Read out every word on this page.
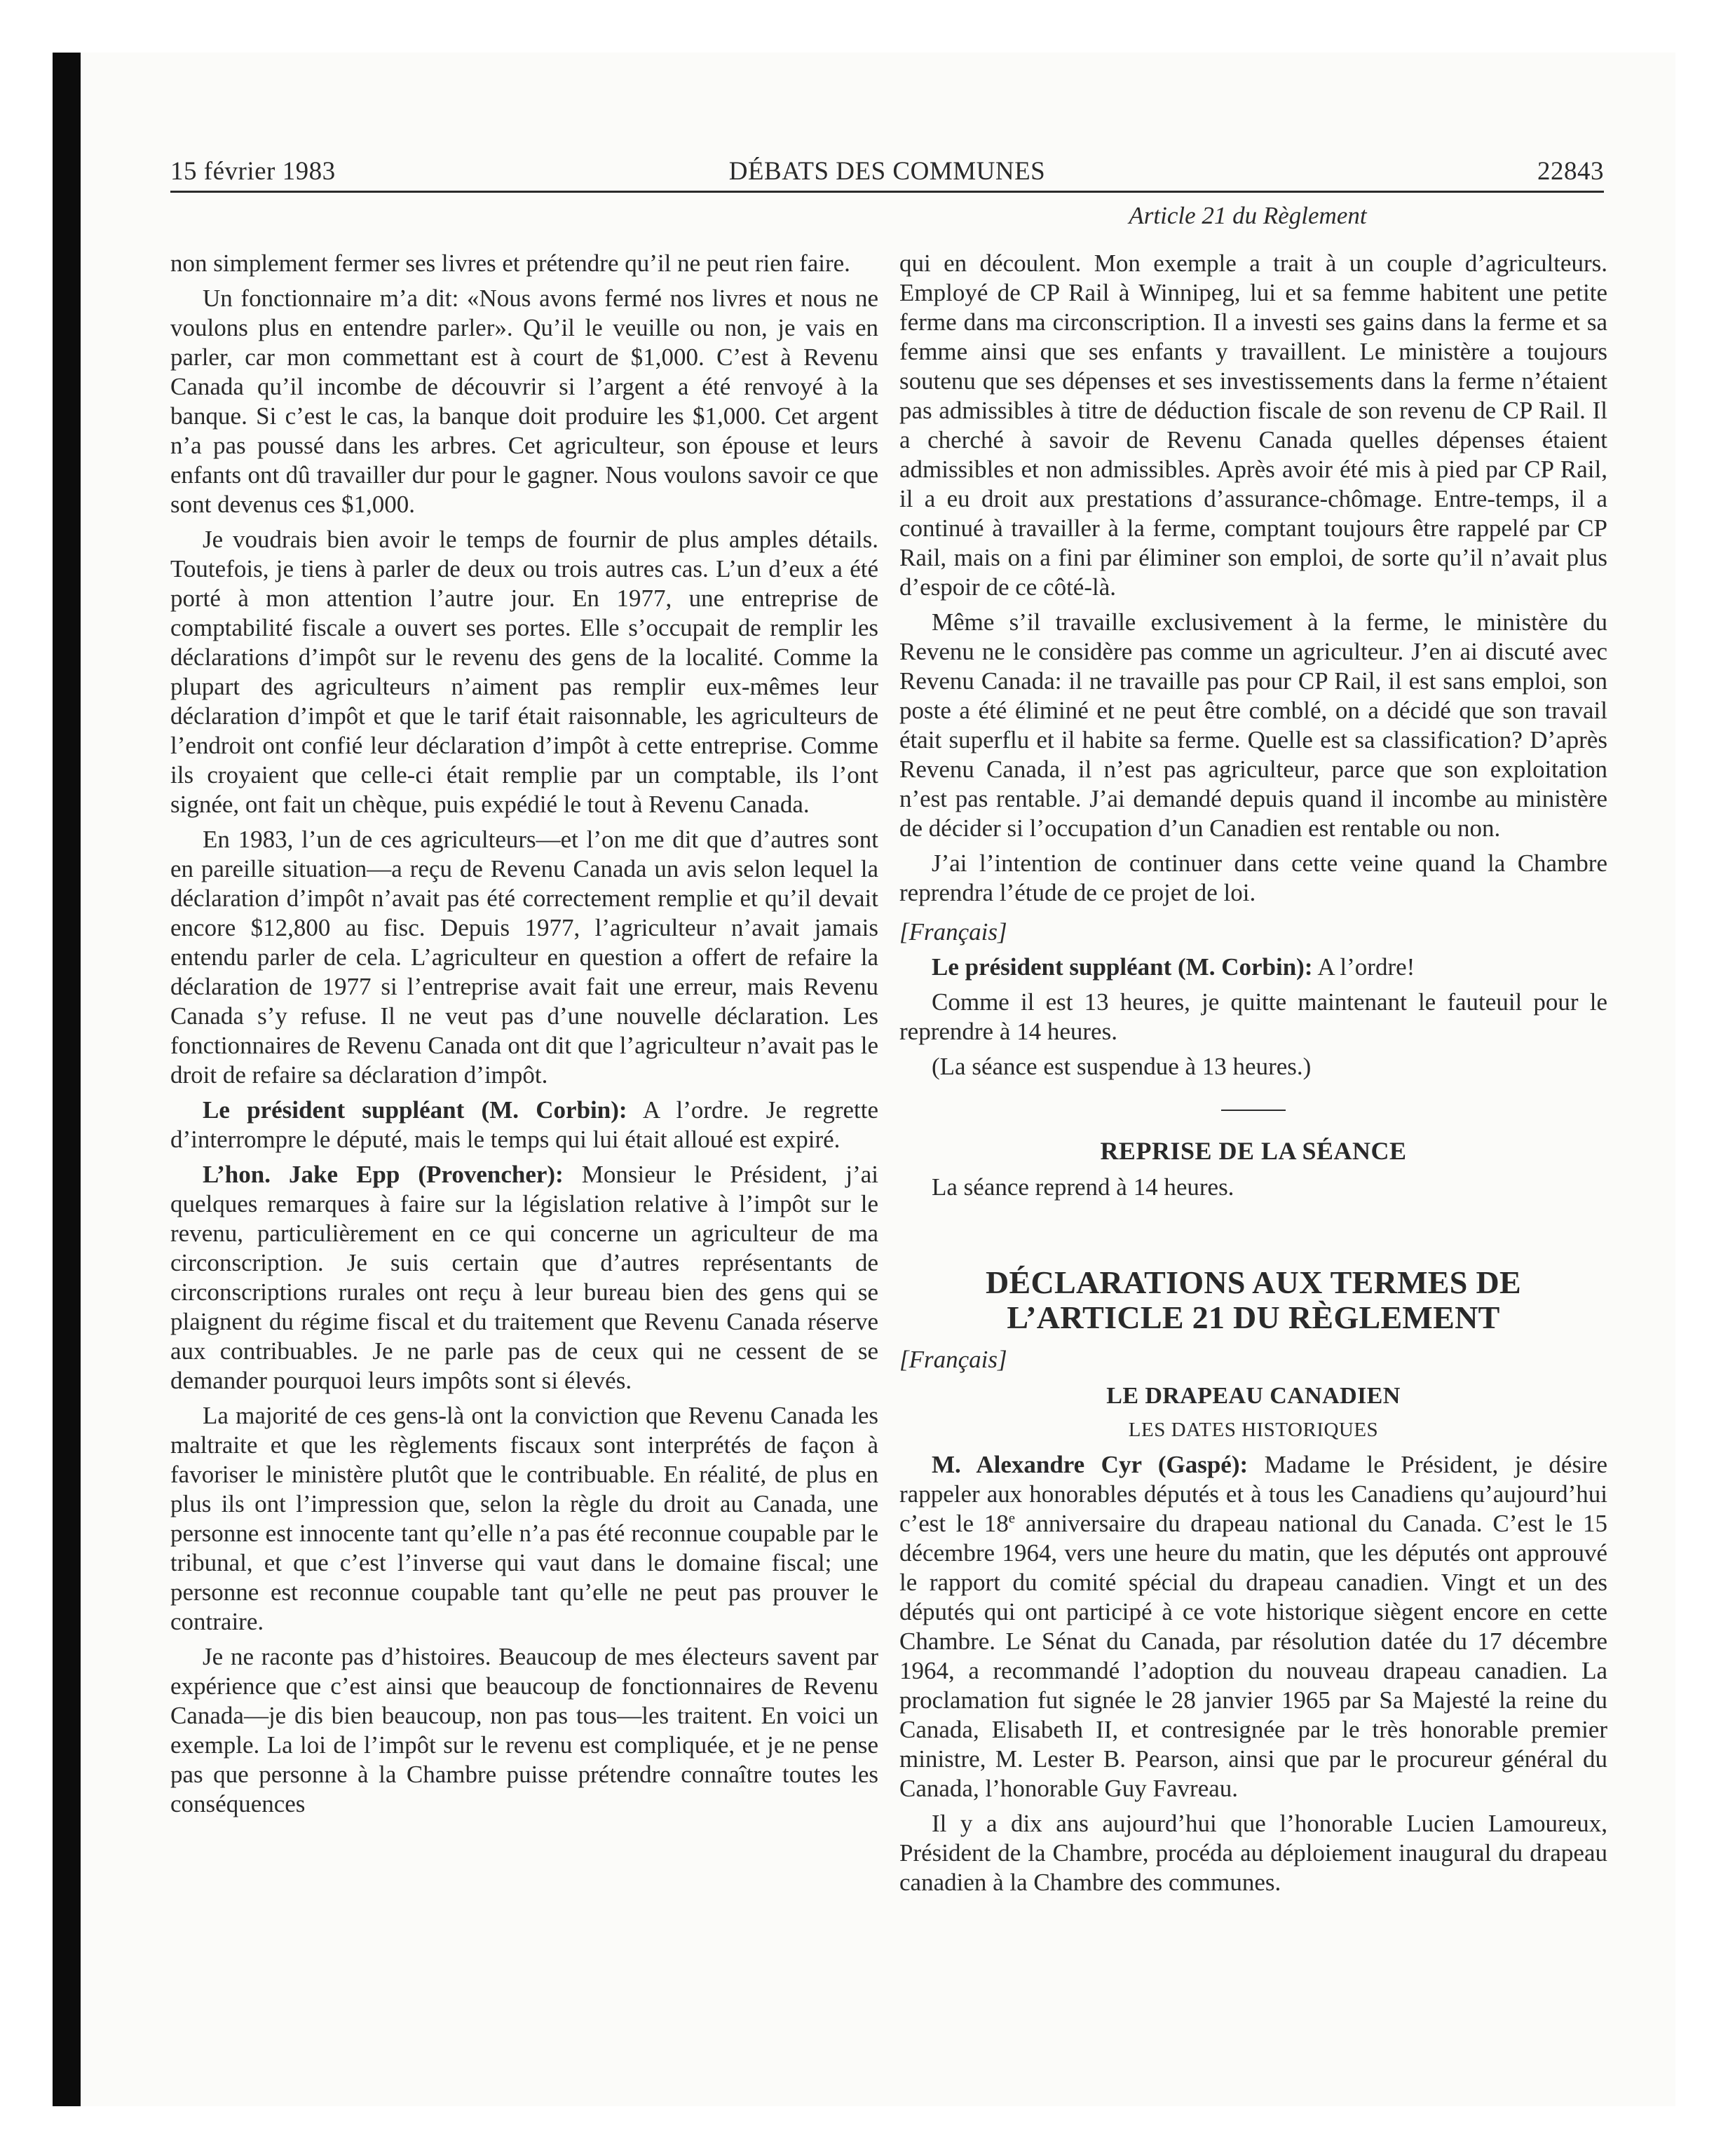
DÉBATS DES COMMUNES
15 février 1983	22843
Article 21 du Règlement

non simplement fermer ses livres et prétendre qu’il ne peut rien faire.

Un fonctionnaire m’a dit: «Nous avons fermé nos livres et nous ne voulons plus en entendre parler». Qu’il le veuille ou non, je vais en parler, car mon commettant est à court de $1,000. C’est à Revenu Canada qu’il incombe de découvrir si l’argent a été renvoyé à la banque. Si c’est le cas, la banque doit produire les $1,000. Cet argent n’a pas poussé dans les arbres. Cet agriculteur, son épouse et leurs enfants ont dû travailler dur pour le gagner. Nous voulons savoir ce que sont devenus ces $1,000.

Je voudrais bien avoir le temps de fournir de plus amples détails. Toutefois, je tiens à parler de deux ou trois autres cas. L’un d’eux a été porté à mon attention l’autre jour. En 1977, une entreprise de comptabilité fiscale a ouvert ses portes. Elle s’occupait de remplir les déclarations d’impôt sur le revenu des gens de la localité. Comme la plupart des agriculteurs n’aiment pas remplir eux-mêmes leur déclaration d’impôt et que le tarif était raisonnable, les agriculteurs de l’endroit ont confié leur déclaration d’impôt à cette entreprise. Comme ils croyaient que celle-ci était remplie par un comptable, ils l’ont signée, ont fait un chèque, puis expédié le tout à Revenu Canada.

En 1983, l’un de ces agriculteurs—et l’on me dit que d’autres sont en pareille situation—a reçu de Revenu Canada un avis selon lequel la déclaration d’impôt n’avait pas été correctement remplie et qu’il devait encore $12,800 au fisc. Depuis 1977, l’agriculteur n’avait jamais entendu parler de cela. L’agriculteur en question a offert de refaire la déclaration de 1977 si l’entreprise avait fait une erreur, mais Revenu Canada s’y refuse. Il ne veut pas d’une nouvelle déclaration. Les fonctionnaires de Revenu Canada ont dit que l’agriculteur n’avait pas le droit de refaire sa déclaration d’impôt.

Le président suppléant (M. Corbin): A l’ordre. Je regrette d’interrompre le député, mais le temps qui lui était alloué est expiré.

L’hon. Jake Epp (Provencher): Monsieur le Président, j’ai quelques remarques à faire sur la législation relative à l’impôt sur le revenu, particulièrement en ce qui concerne un agriculteur de ma circonscription. Je suis certain que d’autres représentants de circonscriptions rurales ont reçu à leur bureau bien des gens qui se plaignent du régime fiscal et du traitement que Revenu Canada réserve aux contribuables. Je ne parle pas de ceux qui ne cessent de se demander pourquoi leurs impôts sont si élevés.

La majorité de ces gens-là ont la conviction que Revenu Canada les maltraite et que les règlements fiscaux sont interprétés de façon à favoriser le ministère plutôt que le contribuable. En réalité, de plus en plus ils ont l’impression que, selon la règle du droit au Canada, une personne est innocente tant qu’elle n’a pas été reconnue coupable par le tribunal, et que c’est l’inverse qui vaut dans le domaine fiscal; une personne est reconnue coupable tant qu’elle ne peut pas prouver le contraire.

Je ne raconte pas d’histoires. Beaucoup de mes électeurs savent par expérience que c’est ainsi que beaucoup de fonctionnaires de Revenu Canada—je dis bien beaucoup, non pas tous—les traitent. En voici un exemple. La loi de l’impôt sur le revenu est compliquée, et je ne pense pas que personne à la Chambre puisse prétendre connaître toutes les conséquences

qui en découlent. Mon exemple a trait à un couple d’agriculteurs. Employé de CP Rail à Winnipeg, lui et sa femme habitent une petite ferme dans ma circonscription. Il a investi ses gains dans la ferme et sa femme ainsi que ses enfants y travaillent. Le ministère a toujours soutenu que ses dépenses et ses investissements dans la ferme n’étaient pas admissibles à titre de déduction fiscale de son revenu de CP Rail. Il a cherché à savoir de Revenu Canada quelles dépenses étaient admissibles et non admissibles. Après avoir été mis à pied par CP Rail, il a eu droit aux prestations d’assurance-chômage. Entre-temps, il a continué à travailler à la ferme, comptant toujours être rappelé par CP Rail, mais on a fini par éliminer son emploi, de sorte qu’il n’avait plus d’espoir de ce côté-là.

Même s’il travaille exclusivement à la ferme, le ministère du Revenu ne le considère pas comme un agriculteur. J’en ai discuté avec Revenu Canada: il ne travaille pas pour CP Rail, il est sans emploi, son poste a été éliminé et ne peut être comblé, on a décidé que son travail était superflu et il habite sa ferme. Quelle est sa classification? D’après Revenu Canada, il n’est pas agriculteur, parce que son exploitation n’est pas rentable. J’ai demandé depuis quand il incombe au ministère de décider si l’occupation d’un Canadien est rentable ou non.

J’ai l’intention de continuer dans cette veine quand la Chambre reprendra l’étude de ce projet de loi.

[Français]

Le président suppléant (M. Corbin): A l’ordre!

Comme il est 13 heures, je quitte maintenant le fauteuil pour le reprendre à 14 heures.

(La séance est suspendue à 13 heures.)

REPRISE DE LA SÉANCE

La séance reprend à 14 heures.

DÉCLARATIONS AUX TERMES DE
L’ARTICLE 21 DU RÈGLEMENT

[Français]

LE DRAPEAU CANADIEN
LES DATES HISTORIQUES

M. Alexandre Cyr (Gaspé): Madame le Président, je désire rappeler aux honorables députés et à tous les Canadiens qu’aujourd’hui c’est le 18e anniversaire du drapeau national du Canada. C’est le 15 décembre 1964, vers une heure du matin, que les députés ont approuvé le rapport du comité spécial du drapeau canadien. Vingt et un des députés qui ont participé à ce vote historique siègent encore en cette Chambre. Le Sénat du Canada, par résolution datée du 17 décembre 1964, a recommandé l’adoption du nouveau drapeau canadien. La proclamation fut signée le 28 janvier 1965 par Sa Majesté la reine du Canada, Elisabeth II, et contresignée par le très honorable premier ministre, M. Lester B. Pearson, ainsi que par le procureur général du Canada, l’honorable Guy Favreau.

Il y a dix ans aujourd’hui que l’honorable Lucien Lamoureux, Président de la Chambre, procéda au déploiement inaugural du drapeau canadien à la Chambre des communes.
